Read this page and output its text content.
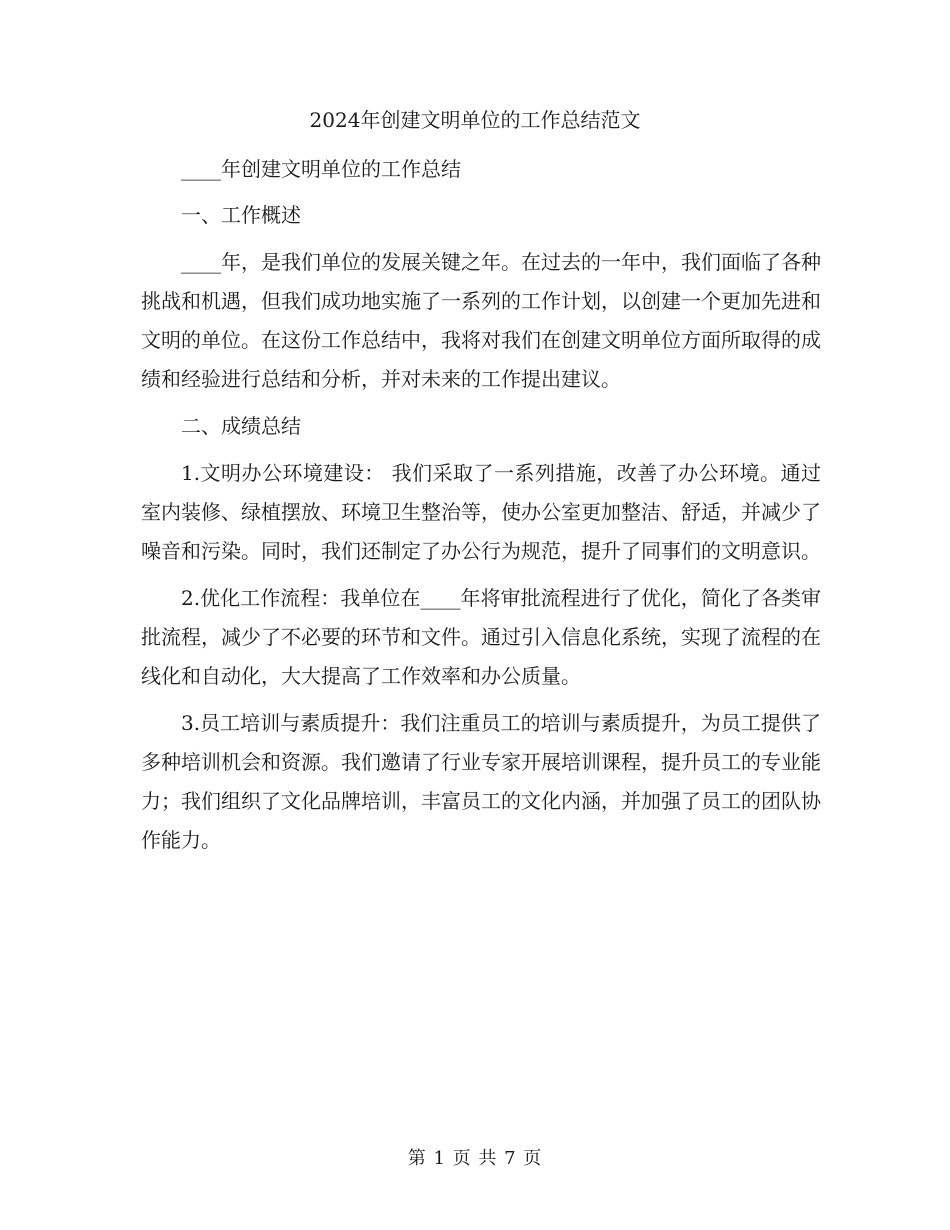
2024年创建文明单位的工作总结范文

____年创建文明单位的工作总结

一、工作概述

____年，是我们单位的发展关键之年。在过去的一年中，我们面临了各种挑战和机遇，但我们成功地实施了一系列的工作计划，以创建一个更加先进和文明的单位。在这份工作总结中，我将对我们在创建文明单位方面所取得的成绩和经验进行总结和分析，并对未来的工作提出建议。

二、成绩总结

1.文明办公环境建设： 我们采取了一系列措施，改善了办公环境。通过室内装修、绿植摆放、环境卫生整治等，使办公室更加整洁、舒适，并减少了噪音和污染。同时，我们还制定了办公行为规范，提升了同事们的文明意识。

2.优化工作流程：我单位在____年将审批流程进行了优化，简化了各类审批流程，减少了不必要的环节和文件。通过引入信息化系统，实现了流程的在线化和自动化，大大提高了工作效率和办公质量。

3.员工培训与素质提升：我们注重员工的培训与素质提升，为员工提供了多种培训机会和资源。我们邀请了行业专家开展培训课程，提升员工的专业能力；我们组织了文化品牌培训，丰富员工的文化内涵，并加强了员工的团队协作能力。

第 1 页 共 7 页
